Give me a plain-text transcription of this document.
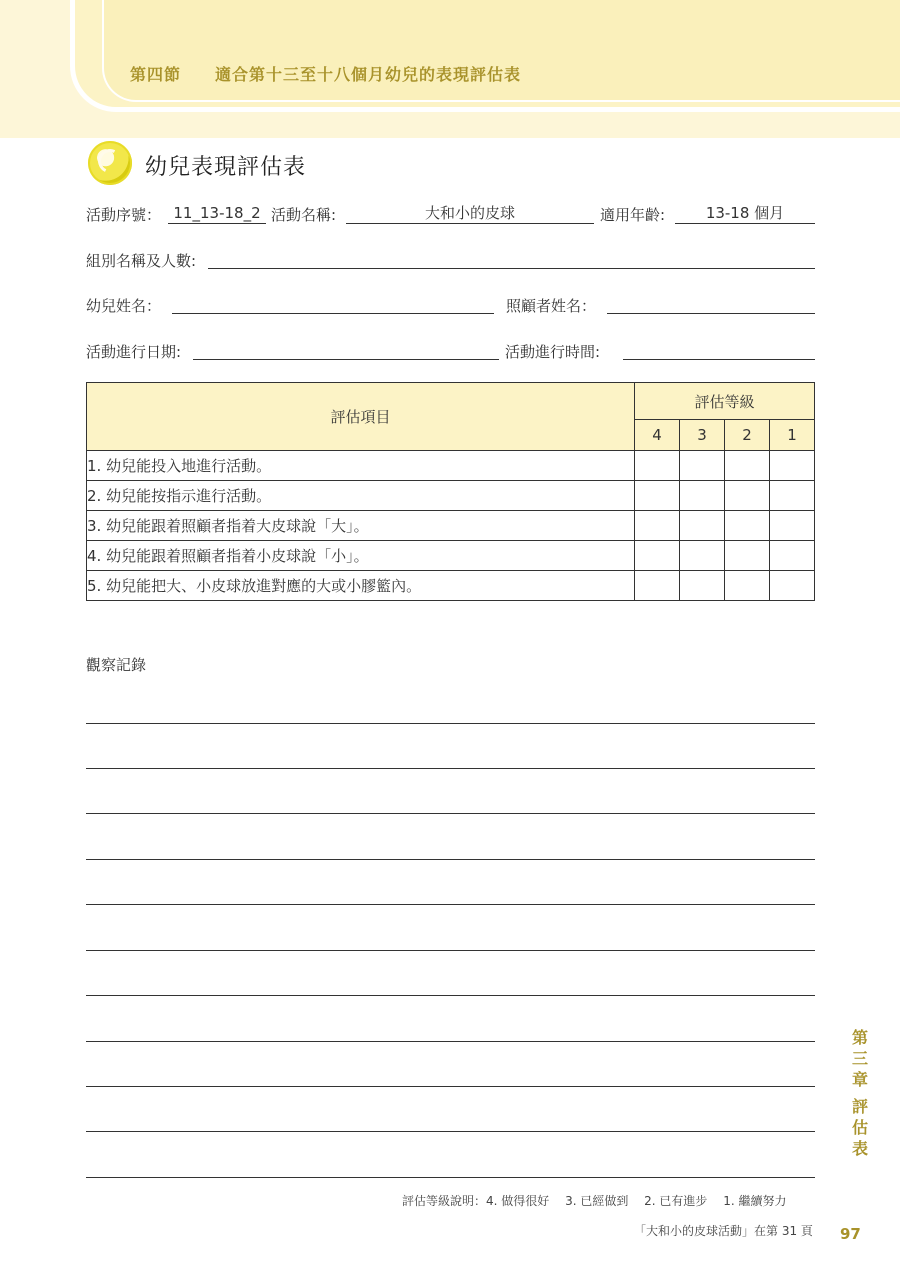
第四節 適合第十三至十八個月幼兒的表現評估表
幼兒表現評估表
活動序號： 11_13-18_2 活動名稱:	大和小的皮球	適用年齡:	13-18 個月
組別名稱及人數:
幼兒姓名：	照顧者姓名：
活動進行日期:	活動進行時間:
評估項目	評估等級			
	4	3	2	1
1. 幼兒能投入地進行活動。				
2. 幼兒能按指示進行活動。				
3. 幼兒能跟着照顧者指着大皮球說「大」。				
4. 幼兒能跟着照顧者指着小皮球說「小」。				
5. 幼兒能把大、小皮球放進對應的大或小膠籃內。				
觀察記錄
第
三
章
評
估
表
評估等級說明：4. 做得很好　 3. 已經做到　 2. 已有進步　 1. 繼續努力
「大和小的皮球活動」在第 31 頁 97
